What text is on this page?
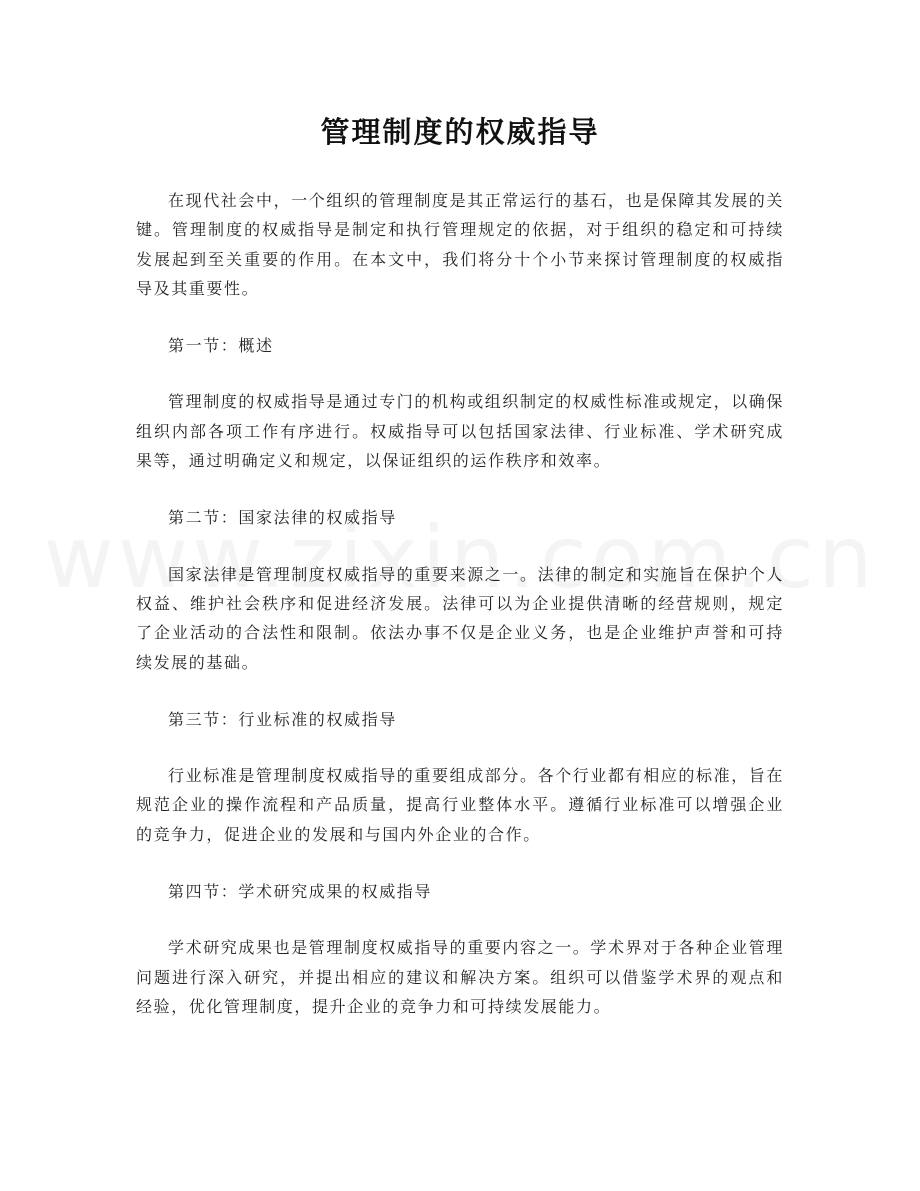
管理制度的权威指导

在现代社会中，一个组织的管理制度是其正常运行的基石，也是保障其发展的关键。管理制度的权威指导是制定和执行管理规定的依据，对于组织的稳定和可持续发展起到至关重要的作用。在本文中，我们将分十个小节来探讨管理制度的权威指导及其重要性。

第一节：概述

管理制度的权威指导是通过专门的机构或组织制定的权威性标准或规定，以确保组织内部各项工作有序进行。权威指导可以包括国家法律、行业标准、学术研究成果等，通过明确定义和规定，以保证组织的运作秩序和效率。

第二节：国家法律的权威指导

国家法律是管理制度权威指导的重要来源之一。法律的制定和实施旨在保护个人权益、维护社会秩序和促进经济发展。法律可以为企业提供清晰的经营规则，规定了企业活动的合法性和限制。依法办事不仅是企业义务，也是企业维护声誉和可持续发展的基础。

第三节：行业标准的权威指导

行业标准是管理制度权威指导的重要组成部分。各个行业都有相应的标准，旨在规范企业的操作流程和产品质量，提高行业整体水平。遵循行业标准可以增强企业的竞争力，促进企业的发展和与国内外企业的合作。

第四节：学术研究成果的权威指导

学术研究成果也是管理制度权威指导的重要内容之一。学术界对于各种企业管理问题进行深入研究，并提出相应的建议和解决方案。组织可以借鉴学术界的观点和经验，优化管理制度，提升企业的竞争力和可持续发展能力。
